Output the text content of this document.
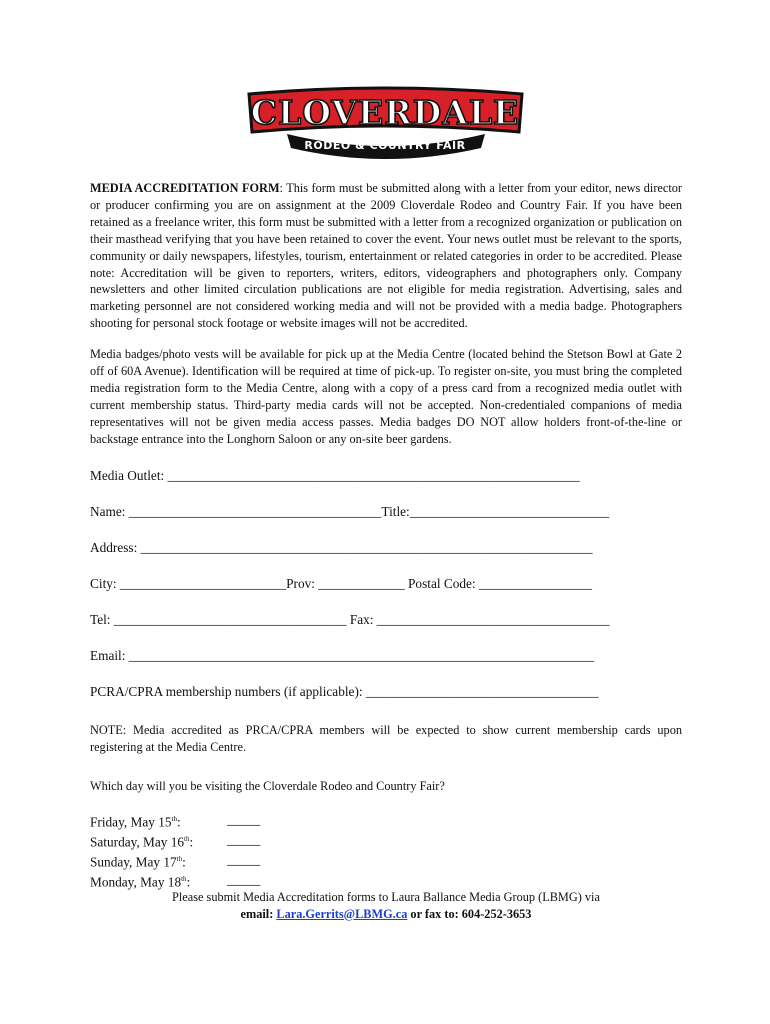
CLOVERDALE
RODEO & COUNTRY FAIR

MEDIA ACCREDITATION FORM: This form must be submitted along with a letter from your editor, news director or producer confirming you are on assignment at the 2009 Cloverdale Rodeo and Country Fair. If you have been retained as a freelance writer, this form must be submitted with a letter from a recognized organization or publication on their masthead verifying that you have been retained to cover the event. Your news outlet must be relevant to the sports, community or daily newspapers, lifestyles, tourism, entertainment or related categories in order to be accredited. Please note: Accreditation will be given to reporters, writers, editors, videographers and photographers only. Company newsletters and other limited circulation publications are not eligible for media registration. Advertising, sales and marketing personnel are not considered working media and will not be provided with a media badge. Photographers shooting for personal stock footage or website images will not be accredited.

Media badges/photo vests will be available for pick up at the Media Centre (located behind the Stetson Bowl at Gate 2 off of 60A Avenue). Identification will be required at time of pick-up. To register on-site, you must bring the completed media registration form to the Media Centre, along with a copy of a press card from a recognized media outlet with current membership status. Third-party media cards will not be accepted. Non-credentialed companions of media representatives will not be given media access passes. Media badges DO NOT allow holders front-of-the-line or backstage entrance into the Longhorn Saloon or any on-site beer gardens.

Media Outlet: ______________________________________________________________
Name: ______________________________________Title:______________________________
Address: ____________________________________________________________________
City: _________________________Prov: _____________ Postal Code: _________________
Tel: ___________________________________ Fax: ___________________________________
Email: ______________________________________________________________________
PCRA/CPRA membership numbers (if applicable): ___________________________________

NOTE: Media accredited as PRCA/CPRA members will be expected to show current membership cards upon registering at the Media Centre.

Which day will you be visiting the Cloverdale Rodeo and Country Fair?

Friday, May 15th:	_____
Saturday, May 16th:	_____
Sunday, May 17th:	_____
Monday, May 18th:	_____
Please submit Media Accreditation forms to Laura Ballance Media Group (LBMG) via
email: Lara.Gerrits@LBMG.ca or fax to: 604-252-3653
